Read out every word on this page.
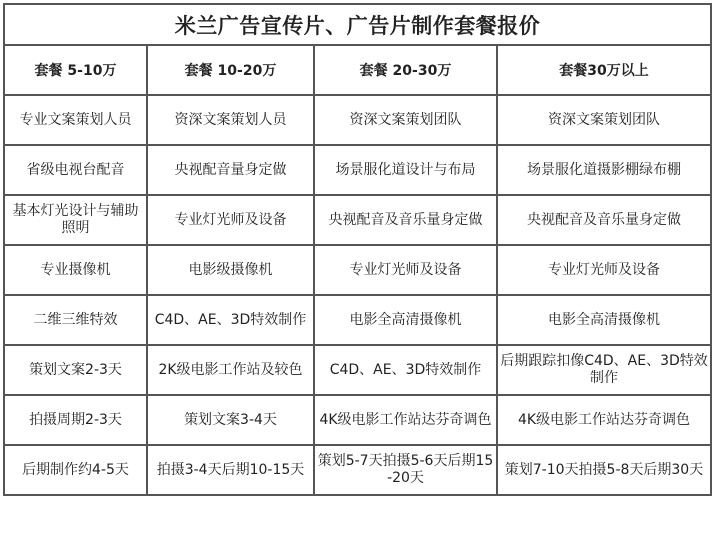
米兰广告宣传片、广告片制作套餐报价			
套餐 5-10万	套餐 10-20万	套餐 20-30万	套餐30万以上
专业文案策划人员	资深文案策划人员	资深文案策划团队	资深文案策划团队
省级电视台配音	央视配音量身定做	场景服化道设计与布局	场景服化道摄影棚绿布棚
基本灯光设计与辅助照明	专业灯光师及设备	央视配音及音乐量身定做	央视配音及音乐量身定做
专业摄像机	电影级摄像机	专业灯光师及设备	专业灯光师及设备
二维三维特效	C4D、AE、3D特效制作	电影全高清摄像机	电影全高清摄像机
策划文案2-3天	2K级电影工作站及较色	C4D、AE、3D特效制作	后期跟踪扣像C4D、AE、3D特效制作
拍摄周期2-3天	策划文案3-4天	4K级电影工作站达芬奇调色	4K级电影工作站达芬奇调色
后期制作约4-5天	拍摄3-4天后期10-15天	策划5-7天拍摄5-6天后期15-20天	策划7-10天拍摄5-8天后期30天
